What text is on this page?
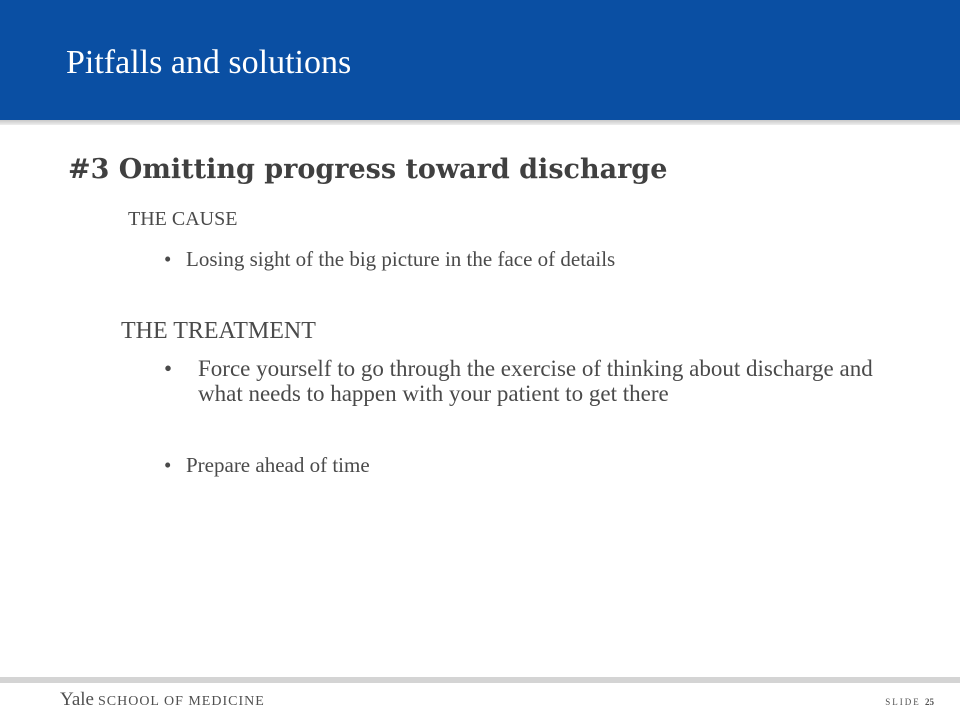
Pitfalls and solutions
#3 Omitting progress toward discharge
THE CAUSE
• Losing sight of the big picture in the face of details
THE TREATMENT
•	Force yourself to go through the exercise of thinking about discharge and what needs to happen with your patient to get there
• Prepare ahead of time
Yale SCHOOL OF MEDICINE	SLIDE 25
